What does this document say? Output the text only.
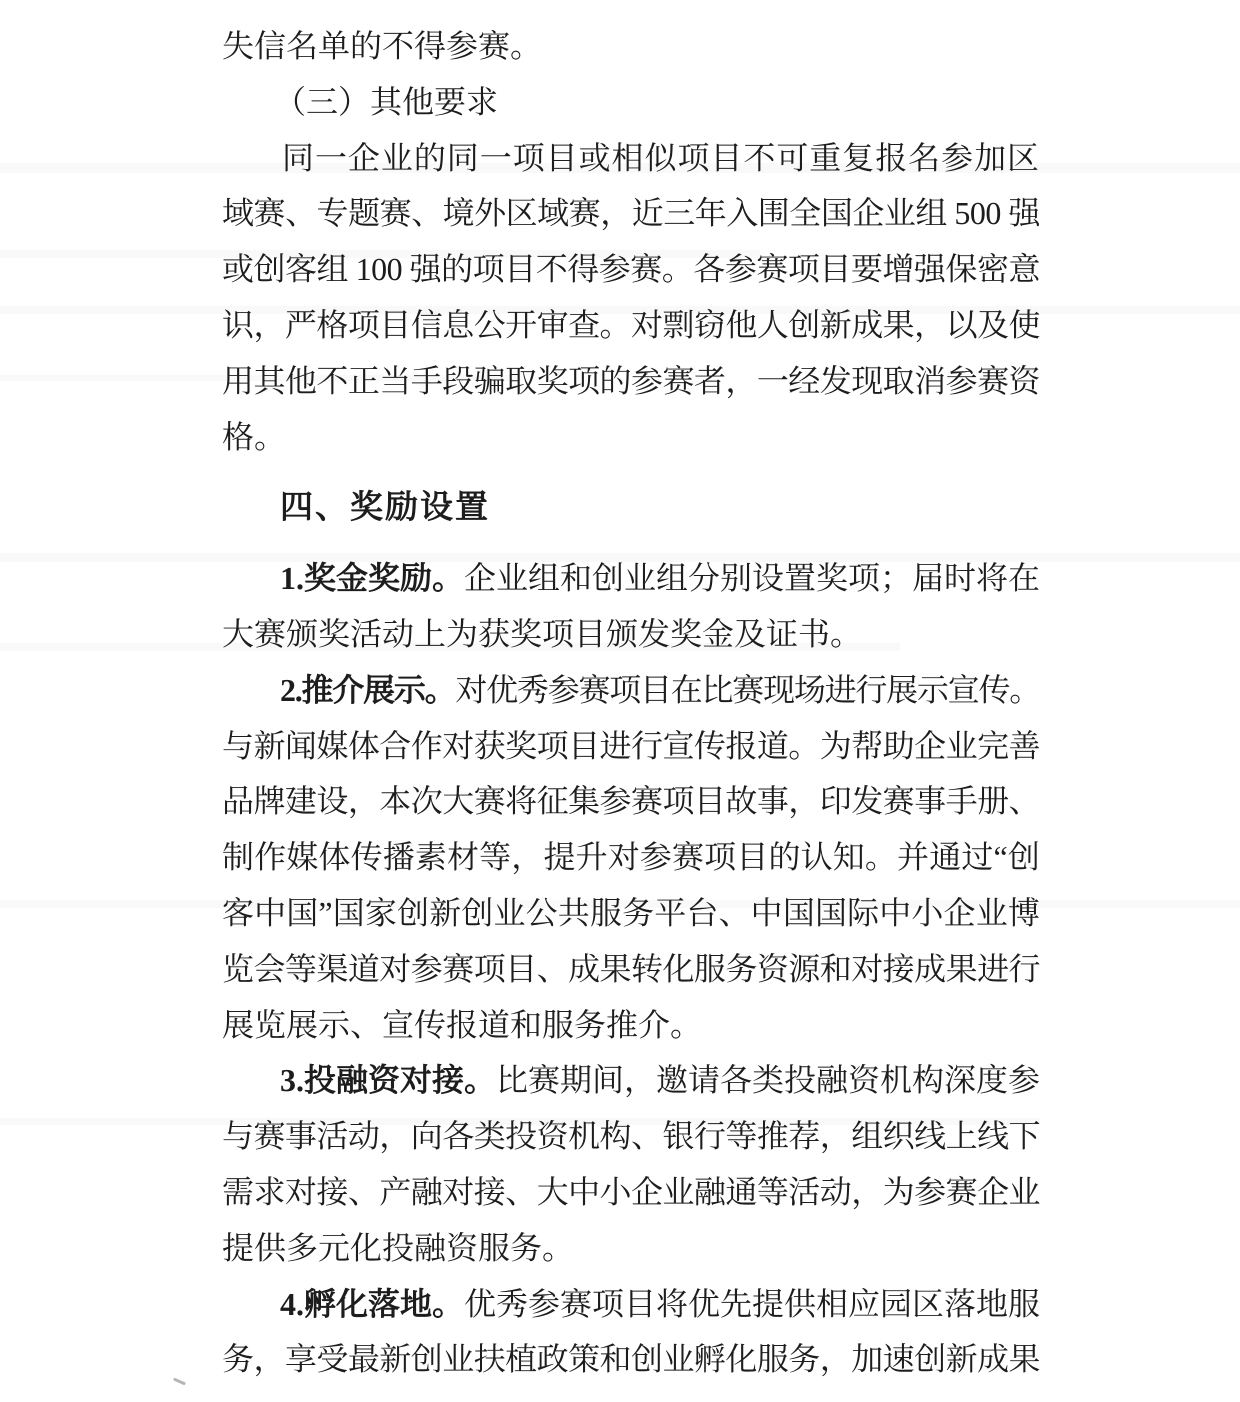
失信名单的不得参赛。
（三）其他要求
同一企业的同一项目或相似项目不可重复报名参加区
域赛、专题赛、境外区域赛，近三年入围全国企业组 500 强
或创客组 100 强的项目不得参赛。各参赛项目要增强保密意
识，严格项目信息公开审查。对剽窃他人创新成果，以及使
用其他不正当手段骗取奖项的参赛者，一经发现取消参赛资
格。
四、奖励设置
1.奖金奖励。企业组和创业组分别设置奖项；届时将在
大赛颁奖活动上为获奖项目颁发奖金及证书。
2.推介展示。对优秀参赛项目在比赛现场进行展示宣传。
与新闻媒体合作对获奖项目进行宣传报道。为帮助企业完善
品牌建设，本次大赛将征集参赛项目故事，印发赛事手册、
制作媒体传播素材等，提升对参赛项目的认知。并通过“创
客中国”国家创新创业公共服务平台、中国国际中小企业博
览会等渠道对参赛项目、成果转化服务资源和对接成果进行
展览展示、宣传报道和服务推介。
3.投融资对接。比赛期间，邀请各类投融资机构深度参
与赛事活动，向各类投资机构、银行等推荐，组织线上线下
需求对接、产融对接、大中小企业融通等活动，为参赛企业
提供多元化投融资服务。
4.孵化落地。优秀参赛项目将优先提供相应园区落地服
务，享受最新创业扶植政策和创业孵化服务，加速创新成果
